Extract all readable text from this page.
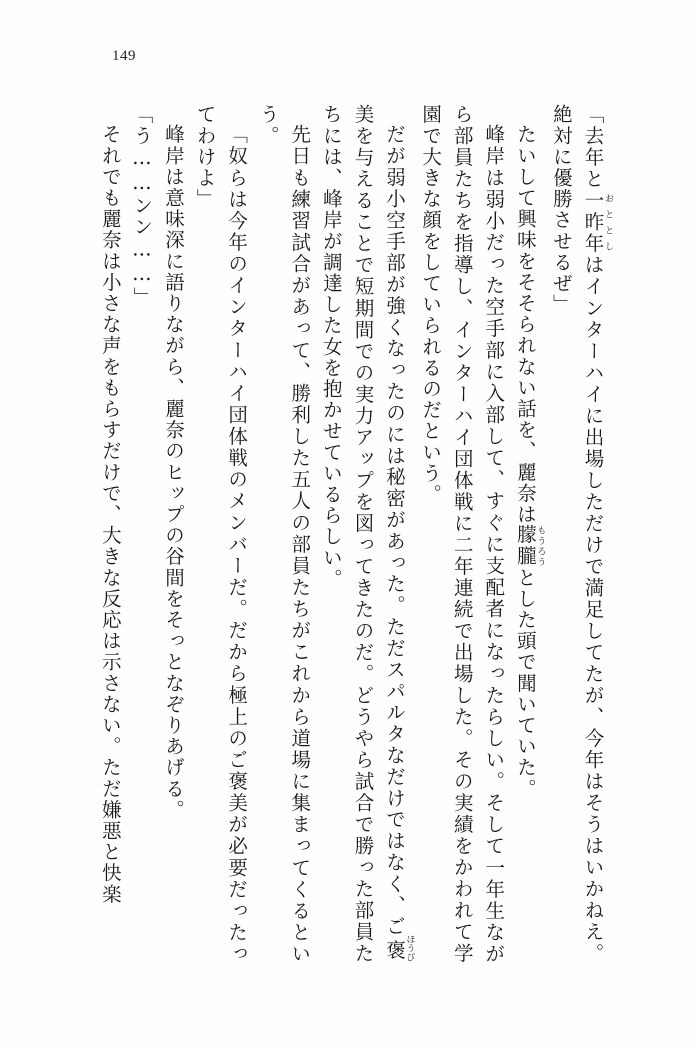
149

「去年と一昨年おととしはインターハイに出場しただけで満足してたが、今年はそうはいかねえ。絶対に優勝させるぜ」

たいして興味をそそられない話を、麗奈は朦朧もうろうとした頭で聞いていた。

峰岸は弱小だった空手部に入部して、すぐに支配者になったらしい。そして一年生ながら部員たちを指導し、インターハイ団体戦に二年連続で出場した。その実績をかわれて学園で大きな顔をしていられるのだという。

だが弱小空手部が強くなったのには秘密があった。ただスパルタなだけではなく、ご褒ほうび美を与えることで短期間での実力アップを図ってきたのだ。どうやら試合で勝った部員たちには、峰岸が調達した女を抱かせているらしい。

先日も練習試合があって、勝利した五人の部員たちがこれから道場に集まってくるという。

「奴らは今年のインターハイ団体戦のメンバーだ。だから極上のご褒美が必要だったってわけよ」

峰岸は意味深に語りながら、麗奈のヒップの谷間をそっとなぞりあげる。

「う……ンン……」

それでも麗奈は小さな声をもらすだけで、大きな反応は示さない。ただ嫌悪と快楽
